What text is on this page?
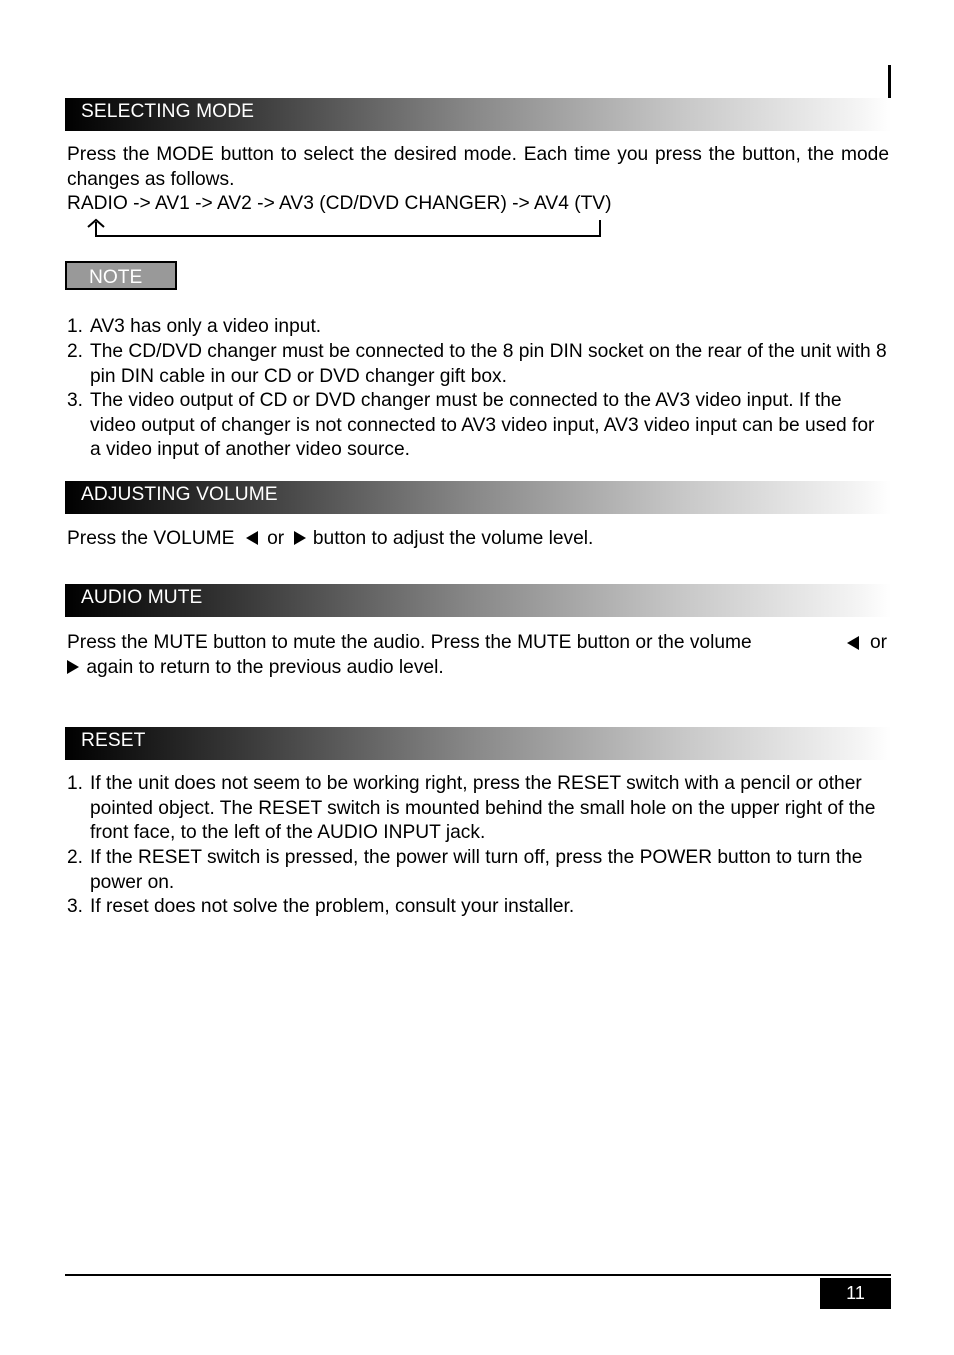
SELECTING MODE
Press the MODE button to select the desired mode. Each time you press the button, the mode changes as follows.
RADIO -> AV1 -> AV2 -> AV3 (CD/DVD CHANGER) -> AV4 (TV)
NOTE
1. AV3 has only a video input.
2. The CD/DVD changer must be connected to the 8 pin DIN socket on the rear of the unit with 8 pin DIN cable in our CD or DVD changer gift box.
3. The video output of CD or DVD changer must be connected to the AV3 video input. If the video output of changer is not connected to AV3 video input, AV3 video input can be used for a video input of another video source.
ADJUSTING VOLUME
Press the VOLUME or button to adjust the volume level.
AUDIO MUTE
Press the MUTE button to mute the audio. Press the MUTE button or the volume	or
again to return to the previous audio level.
RESET
1. If the unit does not seem to be working right, press the RESET switch with a pencil or other pointed object. The RESET switch is mounted behind the small hole on the upper right of the front face, to the left of the AUDIO INPUT jack.
2. If the RESET switch is pressed, the power will turn off, press the POWER button to turn the power on.
3. If reset does not solve the problem, consult your installer.
11
